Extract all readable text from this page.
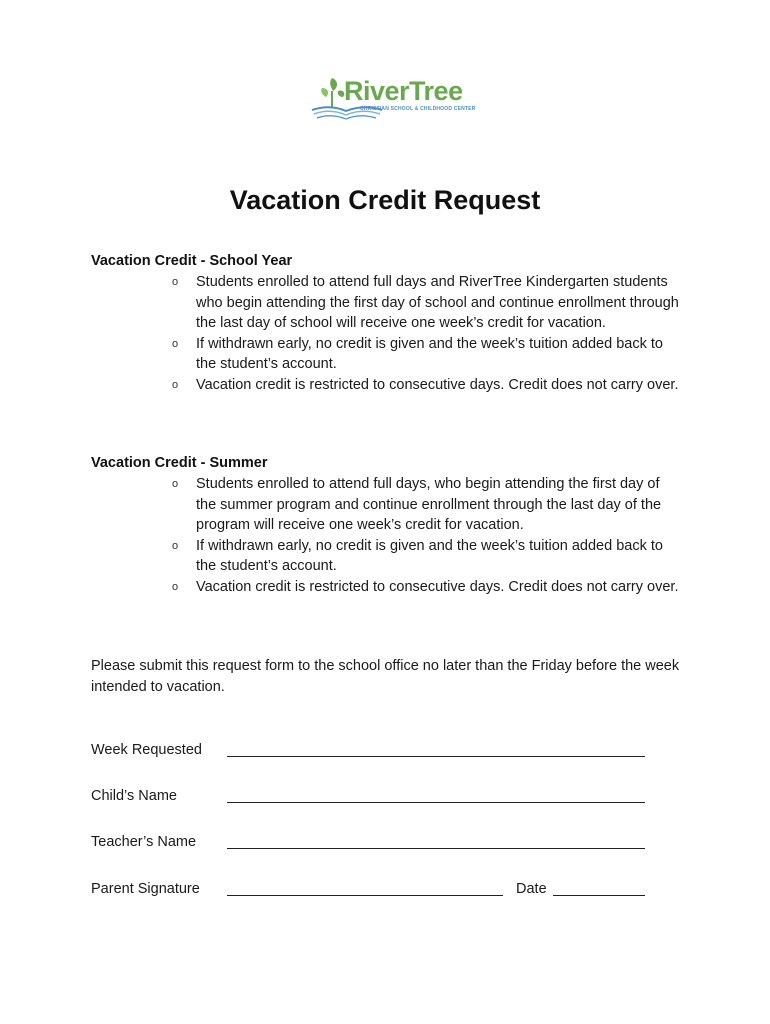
RiverTree
CHRISTIAN SCHOOL & CHILDHOOD CENTER
Vacation Credit Request
Vacation Credit - School Year
o Students enrolled to attend full days and RiverTree Kindergarten students who begin attending the first day of school and continue enrollment through the last day of school will receive one week’s credit for vacation.
o If withdrawn early, no credit is given and the week’s tuition added back to the student’s account.
o Vacation credit is restricted to consecutive days. Credit does not carry over.
Vacation Credit - Summer
o Students enrolled to attend full days, who begin attending the first day of the summer program and continue enrollment through the last day of the program will receive one week’s credit for vacation.
o If withdrawn early, no credit is given and the week’s tuition added back to the student’s account.
o Vacation credit is restricted to consecutive days. Credit does not carry over.
Please submit this request form to the school office no later than the Friday before the week intended to vacation.
Week Requested
Child’s Name
Teacher’s Name
Parent Signature	Date
